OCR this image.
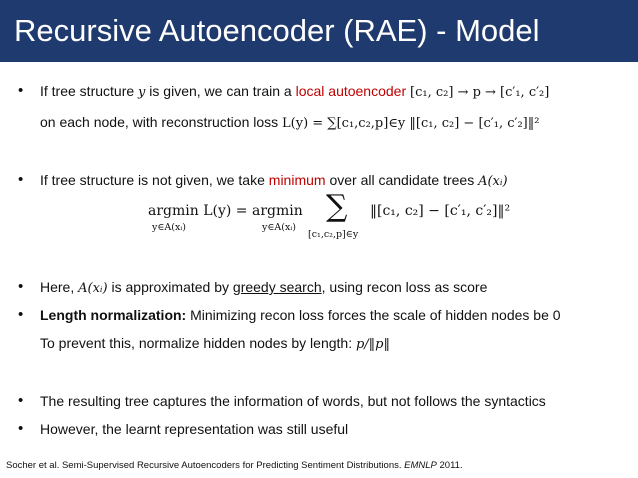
Recursive Autoencoder (RAE) - Model
• If tree structure y is given, we can train a local autoencoder [c₁, c₂] → p → [c′₁, c′₂]
on each node, with reconstruction loss L(y) = ∑[c₁,c₂,p]∈y ‖[c₁, c₂] − [c′₁, c′₂]‖²
• If tree structure is not given, we take minimum over all candidate trees A(xᵢ)
argmin L(y) = argmin
y∈A(xᵢ)	y∈A(xᵢ)
∑
[c₁,c₂,p]∈y
‖[c₁, c₂] − [c′₁, c′₂]‖²
• Here, A(xᵢ) is approximated by greedy search, using recon loss as score
• Length normalization: Minimizing recon loss forces the scale of hidden nodes be 0
To prevent this, normalize hidden nodes by length: p/‖p‖
• The resulting tree captures the information of words, but not follows the syntactics
• However, the learnt representation was still useful
Socher et al. Semi-Supervised Recursive Autoencoders for Predicting Sentiment Distributions. EMNLP 2011.
